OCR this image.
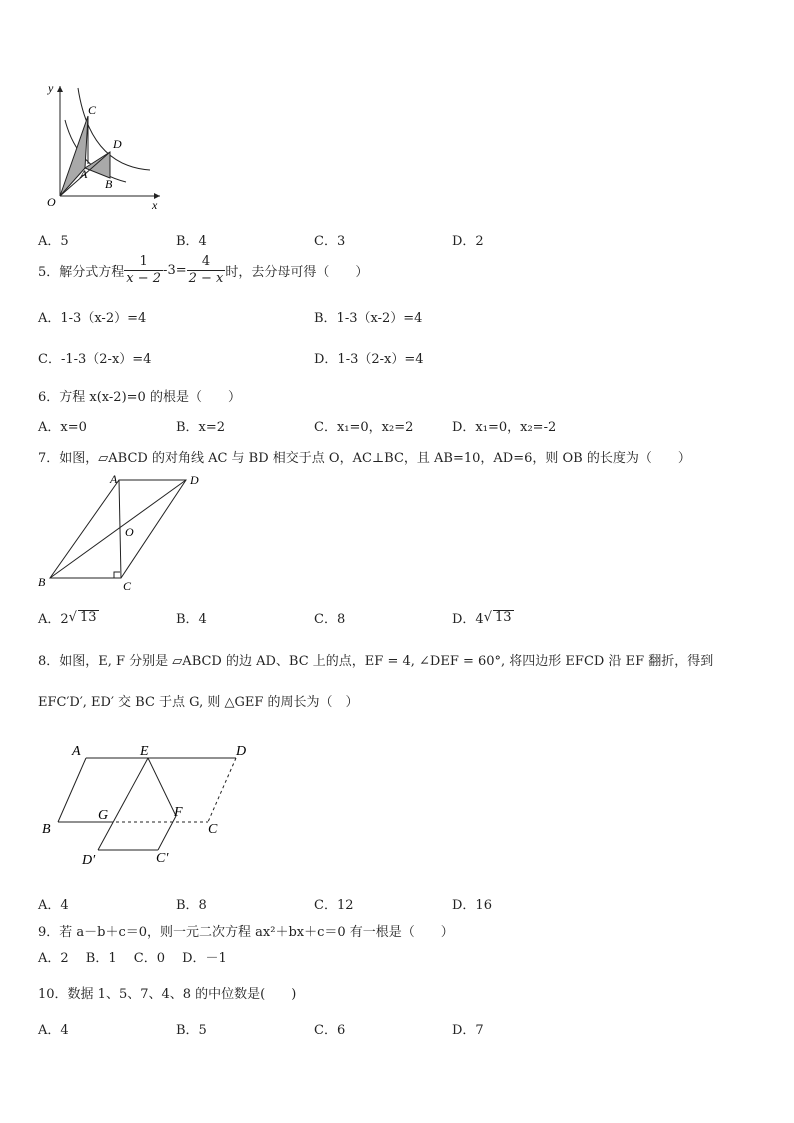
y
x
O
C
D
A
B
A．5	B．4	C．3	D．2
5．解分式方程 $\frac{1}{x - 2} -3= \frac{4}{2 - x}$ 时，去分母可得（　　）
A．1-3（x-2）=4	B．1-3（x-2）=4
C．-1-3（2-x）=4	D．1-3（2-x）=4
6．方程 x(x-2)=0 的根是（　　）
A．x=0	B．x=2	C．x₁=0，x₂=2	D．x₁=0，x₂=-2
7．如图，▱ABCD 的对角线 AC 与 BD 相交于点 O，AC⊥BC，且 AB=10，AD=6，则 OB 的长度为（　　）
A	D
O
B	C
A．2 √ 13	B．4	C．8	D．4 √ 13
8．如图，E, F 分别是 ▱ABCD 的边 AD、BC 上的点，EF = 4, ∠DEF = 60°, 将四边形 EFCD 沿 EF 翻折，得到
EFC′D′, ED′ 交 BC 于点 G, 则 △GEF 的周长为（　）
A	E	D
B
G	F
C
D′	C′
A．4	B．8	C．12	D．16
9．若 a－b＋c＝0，则一元二次方程 ax²＋bx＋c＝0 有一根是（　　）
A．2　 B．1　 C．0　 D．－1
10．数据 1、5、7、4、8 的中位数是(　　)
A．4	B．5	C．6	D．7
